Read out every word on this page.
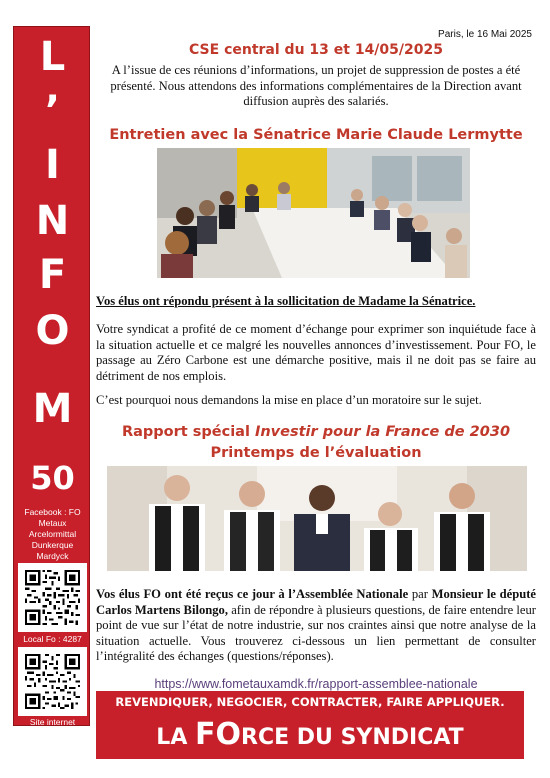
L
’
I
N
F
O
M
50
Facebook : FO Metaux Arcelormittal Dunkerque Mardyck
Local Fo : 4287
Site internet
Paris, le 16 Mai 2025
CSE central du 13 et 14/05/2025
A l’issue de ces réunions d’informations, un projet de suppression de postes a été présenté. Nous attendons des informations complémentaires de la Direction avant diffusion auprès des salariés.
Entretien avec la Sénatrice Marie Claude Lermytte
Vos élus ont répondu présent à la sollicitation de Madame la Sénatrice.
Votre syndicat a profité de ce moment d’échange pour exprimer son inquiétude face à la situation actuelle et ce malgré les nouvelles annonces d’investissement. Pour FO, le passage au Zéro Carbone est une démarche positive, mais il ne doit pas se faire au détriment de nos emplois.
C’est pourquoi nous demandons la mise en place d’un moratoire sur le sujet.
Rapport spécial Investir pour la France de 2030
Printemps de l’évaluation
Vos élus FO ont été reçus ce jour à l’Assemblée Nationale par Monsieur le député Carlos Martens Bilongo, afin de répondre à plusieurs questions, de faire entendre leur point de vue sur l’état de notre industrie, sur nos craintes ainsi que notre analyse de la situation actuelle. Vous trouverez ci-dessous un lien permettant de consulter l’intégralité des échanges (questions/réponses).
https://www.fometauxamdk.fr/rapport-assemblee-nationale
REVENDIQUER, NEGOCIER, CONTRACTER, FAIRE APPLIQUER.
LA FORCE DU SYNDICAT
